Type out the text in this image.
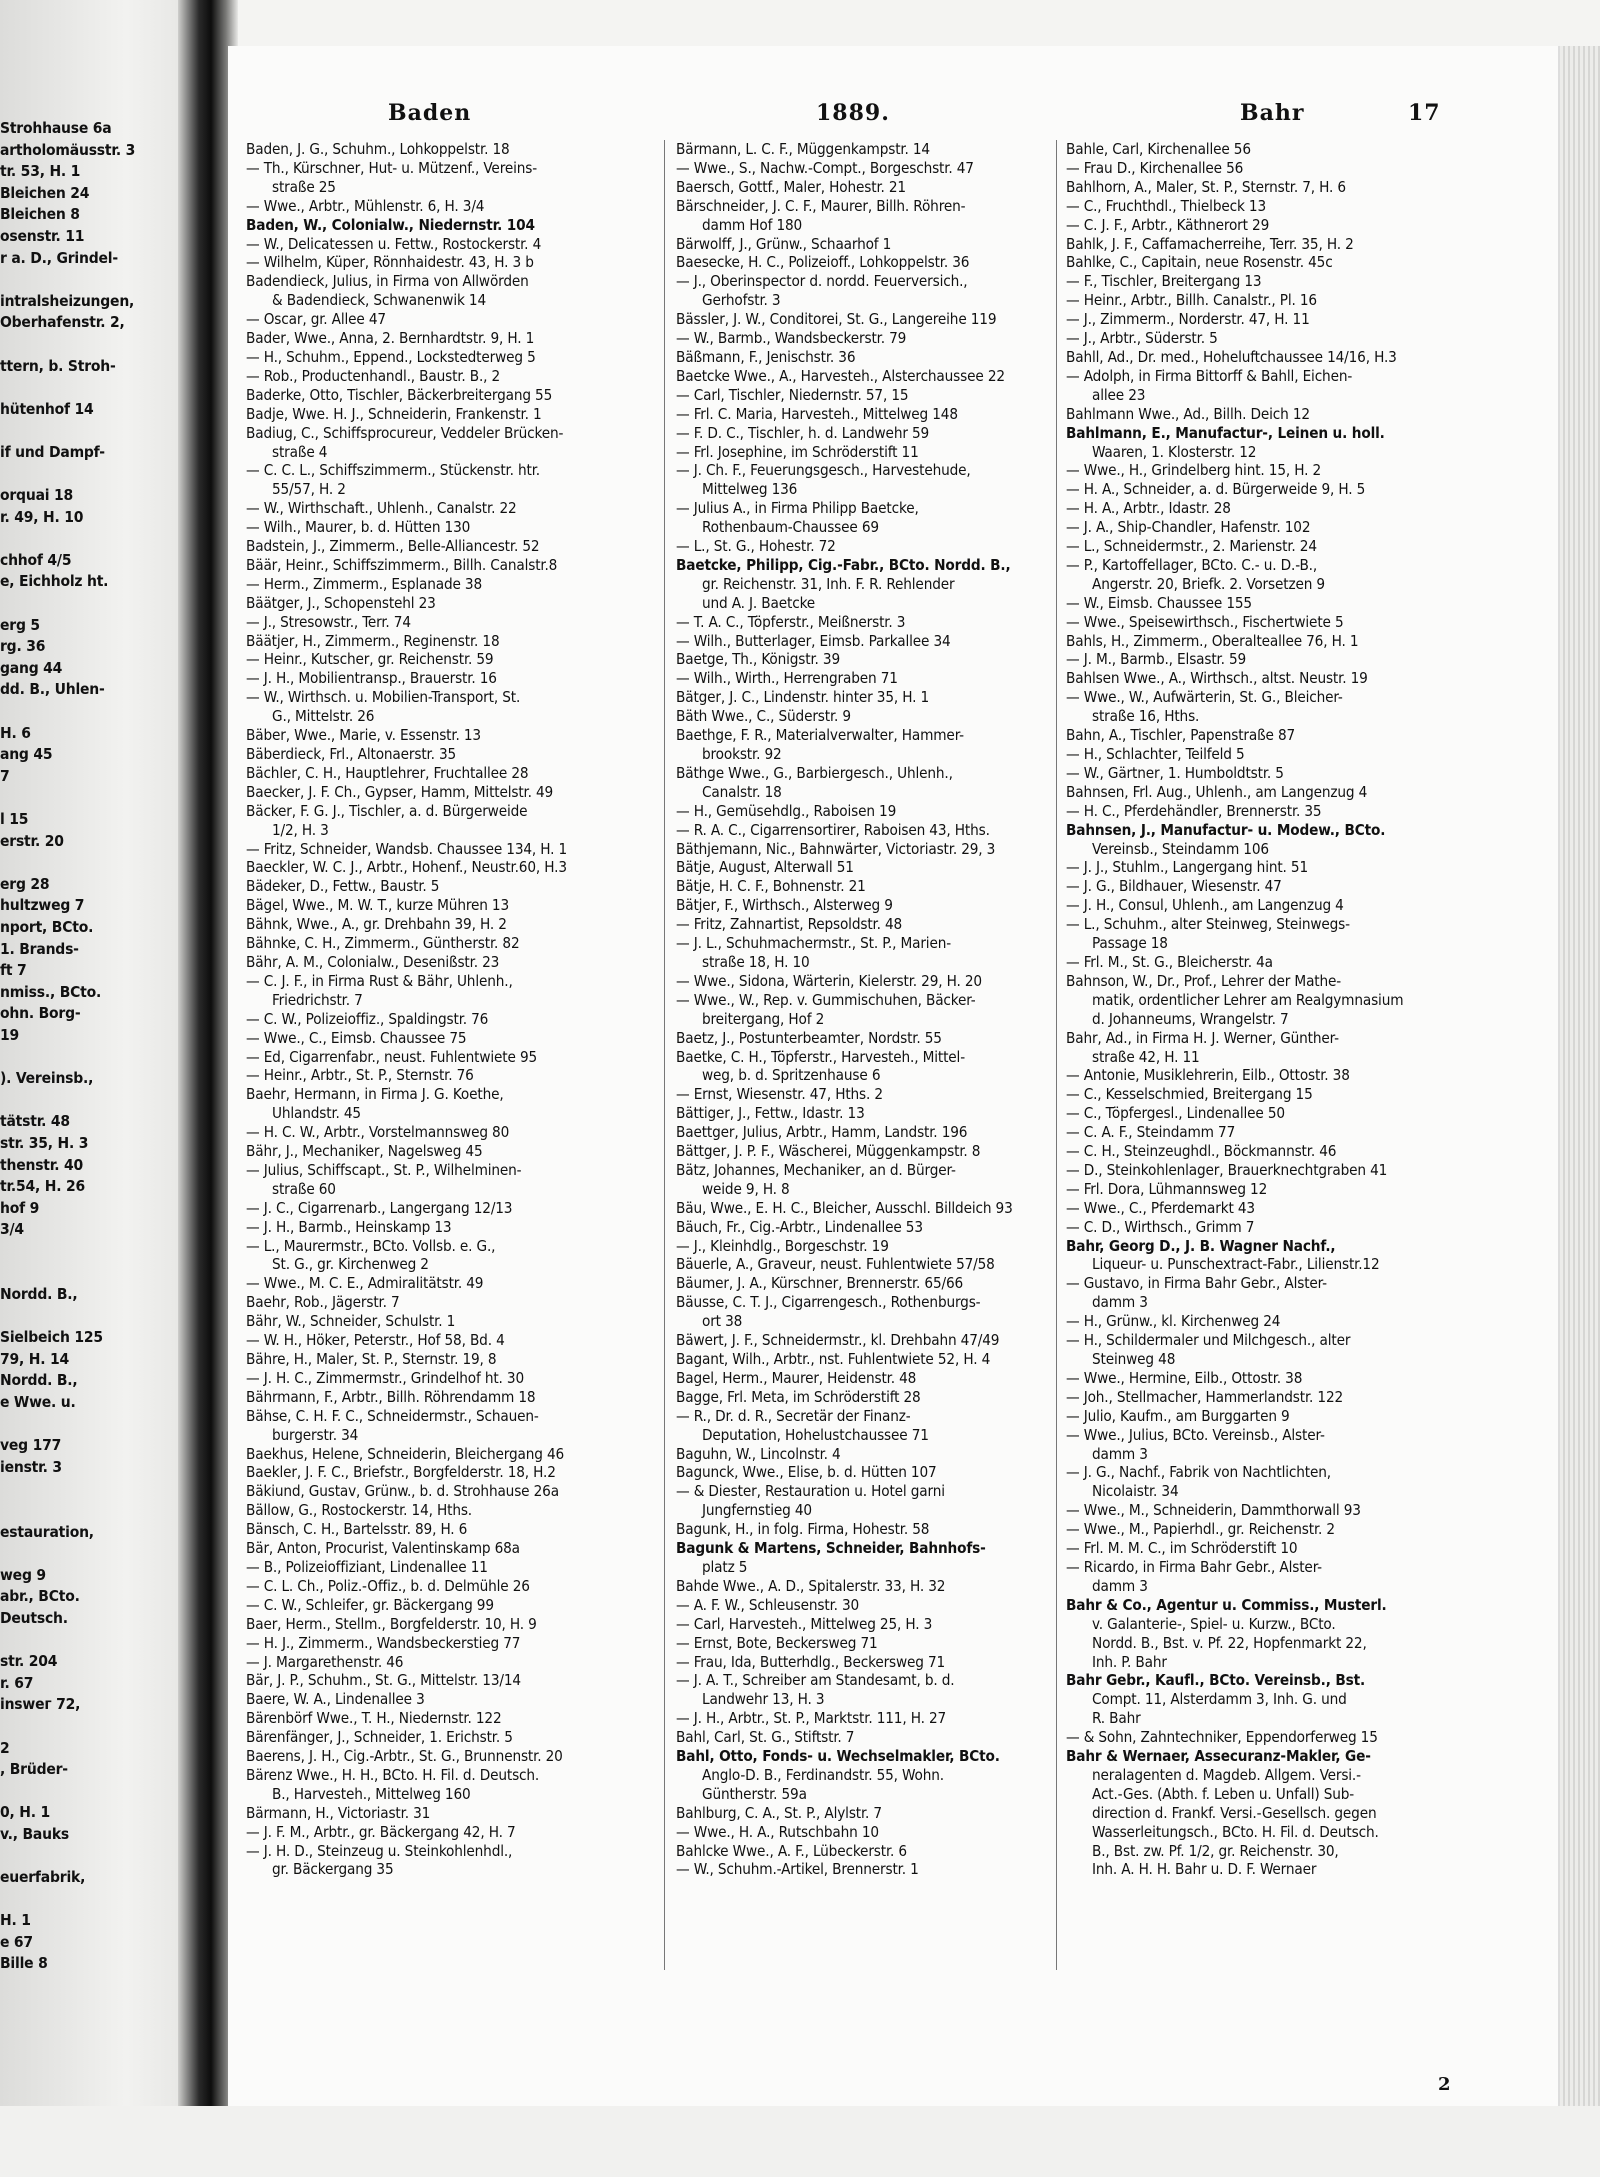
Strohhause 6a
artholomäusstr. 3
tr. 53, H. 1
Bleichen 24
Bleichen 8
osenstr. 11
r a. D., Grindel-

intralsheizungen,
Oberhafenstr. 2,

ttern, b. Stroh-

hütenhof 14

if und Dampf-

orquai 18
r. 49, H. 10

chhof 4/5
e, Eichholz ht.

erg 5
rg. 36
gang 44
dd. B., Uhlen-

H. 6
ang 45
7

l 15
erstr. 20

erg 28
hultzweg 7
nport, BCto.
1. Brands-
ft 7
nmiss., BCto.
ohn. Borg-
19

). Vereinsb.,

tätstr. 48
str. 35, H. 3
thenstr. 40
tr.54, H. 26
hof 9
3/4

Nordd. B.,

Sielbeich 125
79, H. 14
Nordd. B.,
e Wwe. u.

veg 177
ienstr. 3

estauration,

weg 9
abr., BCto.
Deutsch.

str. 204
r. 67
inswег 72,

2
, Brüder-

0, H. 1
v., Bauks

euerfabrik,

H. 1
e 67
Bille 8
Baden	1889.	Bahr	17
Baden, J. G., Schuhm., Lohkoppelstr. 18
— Th., Kürschner, Hut- u. Mützenf., Vereins-
straße 25
— Wwe., Arbtr., Mühlenstr. 6, H. 3/4
Baden, W., Colonialw., Niedernstr. 104
— W., Delicatessen u. Fettw., Rostockerstr. 4
— Wilhelm, Küper, Rönnhaidestr. 43, H. 3 b
Badendieck, Julius, in Firma von Allwörden
& Badendieck, Schwanenwik 14
— Oscar, gr. Allee 47
Bader, Wwe., Anna, 2. Bernhardtstr. 9, H. 1
— H., Schuhm., Eppend., Lockstedterweg 5
— Rob., Productenhandl., Baustr. B., 2
Baderke, Otto, Tischler, Bäckerbreitergang 55
Badje, Wwe. H. J., Schneiderin, Frankenstr. 1
Badiug, C., Schiffsprocureur, Veddeler Brücken-
straße 4
— C. C. L., Schiffszimmerm., Stückenstr. htr.
55/57, H. 2
— W., Wirthschaft., Uhlenh., Canalstr. 22
— Wilh., Maurer, b. d. Hütten 130
Badstein, J., Zimmerm., Belle-Alliancestr. 52
Bäär, Heinr., Schiffszimmerm., Billh. Canalstr.8
— Herm., Zimmerm., Esplanade 38
Bäätger, J., Schopenstehl 23
— J., Stresowstr., Terr. 74
Bäätjer, H., Zimmerm., Reginenstr. 18
— Heinr., Kutscher, gr. Reichenstr. 59
— J. H., Mobilientransp., Brauerstr. 16
— W., Wirthsch. u. Mobilien-Transport, St.
G., Mittelstr. 26
Bäber, Wwe., Marie, v. Essenstr. 13
Bäberdieck, Frl., Altonaerstr. 35
Bächler, C. H., Hauptlehrer, Fruchtallee 28
Baecker, J. F. Ch., Gypser, Hamm, Mittelstr. 49
Bäcker, F. G. J., Tischler, a. d. Bürgerweide
1/2, H. 3
— Fritz, Schneider, Wandsb. Chaussee 134, H. 1
Baeckler, W. C. J., Arbtr., Hohenf., Neustr.60, H.3
Bädeker, D., Fettw., Baustr. 5
Bägel, Wwe., M. W. T., kurze Mühren 13
Bähnk, Wwe., A., gr. Drehbahn 39, H. 2
Bähnke, C. H., Zimmerm., Güntherstr. 82
Bähr, A. M., Colonialw., Desenißstr. 23
— C. J. F., in Firma Rust & Bähr, Uhlenh.,
Friedrichstr. 7
— C. W., Polizeioffiz., Spaldingstr. 76
— Wwe., C., Eimsb. Chaussee 75
— Ed, Cigarrenfabr., neust. Fuhlentwiete 95
— Heinr., Arbtr., St. P., Sternstr. 76
Baehr, Hermann, in Firma J. G. Koethe,
Uhlandstr. 45
— H. C. W., Arbtr., Vorstelmannsweg 80
Bähr, J., Mechaniker, Nagelsweg 45
— Julius, Schiffscapt., St. P., Wilhelminen-
straße 60
— J. C., Cigarrenarb., Langergang 12/13
— J. H., Barmb., Heinskamp 13
— L., Maurermstr., BCto. Vollsb. e. G.,
St. G., gr. Kirchenweg 2
— Wwe., M. C. E., Admiralitätstr. 49
Baehr, Rob., Jägerstr. 7
Bähr, W., Schneider, Schulstr. 1
— W. H., Höker, Peterstr., Hof 58, Bd. 4
Bähre, H., Maler, St. P., Sternstr. 19, 8
— J. H. C., Zimmermstr., Grindelhof ht. 30
Bährmann, F., Arbtr., Billh. Röhrendamm 18
Bähse, C. H. F. C., Schneidermstr., Schauen-
burgerstr. 34
Baekhus, Helene, Schneiderin, Bleichergang 46
Baekler, J. F. C., Briefstr., Borgfelderstr. 18, H.2
Bäkiund, Gustav, Grünw., b. d. Strohhause 26a
Bällow, G., Rostockerstr. 14, Hths.
Bänsch, C. H., Bartelsstr. 89, H. 6
Bär, Anton, Procurist, Valentinskamp 68a
— B., Polizeioffiziant, Lindenallee 11
— C. L. Ch., Poliz.-Offiz., b. d. Delmühle 26
— C. W., Schleifer, gr. Bäckergang 99
Baer, Herm., Stellm., Borgfelderstr. 10, H. 9
— H. J., Zimmerm., Wandsbeckerstieg 77
— J. Margarethenstr. 46
Bär, J. P., Schuhm., St. G., Mittelstr. 13/14
Baere, W. A., Lindenallee 3
Bärenbörf Wwe., T. H., Niedernstr. 122
Bärenfänger, J., Schneider, 1. Erichstr. 5
Baerens, J. H., Cig.-Arbtr., St. G., Brunnenstr. 20
Bärenz Wwe., H. H., BCto. H. Fil. d. Deutsch.
B., Harvesteh., Mittelweg 160
Bärmann, H., Victoriastr. 31
— J. F. M., Arbtr., gr. Bäckergang 42, H. 7
— J. H. D., Steinzeug u. Steinkohlenhdl.,
gr. Bäckergang 35
Bärmann, L. C. F., Müggenkampstr. 14
— Wwe., S., Nachw.-Compt., Borgeschstr. 47
Baersch, Gottf., Maler, Hohestr. 21
Bärschneider, J. C. F., Maurer, Billh. Röhren-
damm Hof 180
Bärwolff, J., Grünw., Schaarhof 1
Baesecke, H. C., Polizeioff., Lohkoppelstr. 36
— J., Oberinspector d. nordd. Feuerversich.,
Gerhofstr. 3
Bässler, J. W., Conditorei, St. G., Langereihe 119
— W., Barmb., Wandsbeckerstr. 79
Bäßmann, F., Jenischstr. 36
Baetcke Wwe., A., Harvesteh., Alsterchaussee 22
— Carl, Tischler, Niedernstr. 57, 15
— Frl. C. Maria, Harvesteh., Mittelweg 148
— F. D. C., Tischler, h. d. Landwehr 59
— Frl. Josephine, im Schröderstift 11
— J. Ch. F., Feuerungsgesch., Harvestehude,
Mittelweg 136
— Julius A., in Firma Philipp Baetcke,
Rothenbaum-Chaussee 69
— L., St. G., Hohestr. 72
Baetcke, Philipp, Cig.-Fabr., BCto. Nordd. B.,
gr. Reichenstr. 31, Inh. F. R. Rehlender
und A. J. Baetcke
— T. A. C., Töpferstr., Meißnerstr. 3
— Wilh., Butterlager, Eimsb. Parkallee 34
Baetge, Th., Königstr. 39
— Wilh., Wirth., Herrengraben 71
Bätger, J. C., Lindenstr. hinter 35, H. 1
Bäth Wwe., C., Süderstr. 9
Baethge, F. R., Materialverwalter, Hammer-
brookstr. 92
Bäthge Wwe., G., Barbiergesch., Uhlenh.,
Canalstr. 18
— H., Gemüsehdlg., Raboisen 19
— R. A. C., Cigarrensortirer, Raboisen 43, Hths.
Bäthjemann, Nic., Bahnwärter, Victoriastr. 29, 3
Bätje, August, Alterwall 51
Bätje, H. C. F., Bohnenstr. 21
Bätjer, F., Wirthsch., Alsterweg 9
— Fritz, Zahnartist, Repsoldstr. 48
— J. L., Schuhmachermstr., St. P., Marien-
straße 18, H. 10
— Wwe., Sidona, Wärterin, Kielerstr. 29, H. 20
— Wwe., W., Rep. v. Gummischuhen, Bäcker-
breitergang, Hof 2
Baetz, J., Postunterbeamter, Nordstr. 55
Baetke, C. H., Töpferstr., Harvesteh., Mittel-
weg, b. d. Spritzenhause 6
— Ernst, Wiesenstr. 47, Hths. 2
Bättiger, J., Fettw., Idastr. 13
Baettger, Julius, Arbtr., Hamm, Landstr. 196
Bättger, J. P. F., Wäscherei, Müggenkampstr. 8
Bätz, Johannes, Mechaniker, an d. Bürger-
weide 9, H. 8
Bäu, Wwe., E. H. C., Bleicher, Ausschl. Billdeich 93
Bäuch, Fr., Cig.-Arbtr., Lindenallee 53
— J., Kleinhdlg., Borgeschstr. 19
Bäuerle, A., Graveur, neust. Fuhlentwiete 57/58
Bäumer, J. A., Kürschner, Brennerstr. 65/66
Bäusse, C. T. J., Cigarrengesch., Rothenburgs-
ort 38
Bäwert, J. F., Schneidermstr., kl. Drehbahn 47/49
Bagant, Wilh., Arbtr., nst. Fuhlentwiete 52, H. 4
Bagel, Herm., Maurer, Heidenstr. 48
Bagge, Frl. Meta, im Schröderstift 28
— R., Dr. d. R., Secretär der Finanz-
Deputation, Hohelustchaussee 71
Baguhn, W., Lincolnstr. 4
Bagunck, Wwe., Elise, b. d. Hütten 107
— & Diester, Restauration u. Hotel garni
Jungfernstieg 40
Bagunk, H., in folg. Firma, Hohestr. 58
Bagunk & Martens, Schneider, Bahnhofs-
platz 5
Bahde Wwe., A. D., Spitalerstr. 33, H. 32
— A. F. W., Schleusenstr. 30
— Carl, Harvesteh., Mittelweg 25, H. 3
— Ernst, Bote, Beckersweg 71
— Frau, Ida, Butterhdlg., Beckersweg 71
— J. A. T., Schreiber am Standesamt, b. d.
Landwehr 13, H. 3
— J. H., Arbtr., St. P., Marktstr. 111, H. 27
Bahl, Carl, St. G., Stiftstr. 7
Bahl, Otto, Fonds- u. Wechselmakler, BCto.
Anglo-D. B., Ferdinandstr. 55, Wohn.
Güntherstr. 59a
Bahlburg, C. A., St. P., Alylstr. 7
— Wwe., H. A., Rutschbahn 10
Bahlcke Wwe., A. F., Lübeckerstr. 6
— W., Schuhm.-Artikel, Brennerstr. 1
Bahle, Carl, Kirchenallee 56
— Frau D., Kirchenallee 56
Bahlhorn, A., Maler, St. P., Sternstr. 7, H. 6
— C., Fruchthdl., Thielbeck 13
— C. J. F., Arbtr., Käthnerort 29
Bahlk, J. F., Caffamacherreihe, Terr. 35, H. 2
Bahlke, C., Capitain, neue Rosenstr. 45c
— F., Tischler, Breitergang 13
— Heinr., Arbtr., Billh. Canalstr., Pl. 16
— J., Zimmerm., Norderstr. 47, H. 11
— J., Arbtr., Süderstr. 5
Bahll, Ad., Dr. med., Hoheluftchaussee 14/16, H.3
— Adolph, in Firma Bittorff & Bahll, Eichen-
allee 23
Bahlmann Wwe., Ad., Billh. Deich 12
Bahlmann, E., Manufactur-, Leinen u. holl.
Waaren, 1. Klosterstr. 12
— Wwe., H., Grindelberg hint. 15, H. 2
— H. A., Schneider, a. d. Bürgerweide 9, H. 5
— H. A., Arbtr., Idastr. 28
— J. A., Ship-Chandler, Hafenstr. 102
— L., Schneidermstr., 2. Marienstr. 24
— P., Kartoffellager, BCto. C.- u. D.-B.,
Angerstr. 20, Briefk. 2. Vorsetzen 9
— W., Eimsb. Chaussee 155
— Wwe., Speisewirthsch., Fischertwiete 5
Bahls, H., Zimmerm., Oberalteallee 76, H. 1
— J. M., Barmb., Elsastr. 59
Bahlsen Wwe., A., Wirthsch., altst. Neustr. 19
— Wwe., W., Aufwärterin, St. G., Bleicher-
straße 16, Hths.
Bahn, A., Tischler, Papenstraße 87
— H., Schlachter, Teilfeld 5
— W., Gärtner, 1. Humboldtstr. 5
Bahnsen, Frl. Aug., Uhlenh., am Langenzug 4
— H. C., Pferdehändler, Brennerstr. 35
Bahnsen, J., Manufactur- u. Modew., BCto.
Vereinsb., Steindamm 106
— J. J., Stuhlm., Langergang hint. 51
— J. G., Bildhauer, Wiesenstr. 47
— J. H., Consul, Uhlenh., am Langenzug 4
— L., Schuhm., alter Steinweg, Steinwegs-
Passage 18
— Frl. M., St. G., Bleicherstr. 4a
Bahnson, W., Dr., Prof., Lehrer der Mathe-
matik, ordentlicher Lehrer am Realgymnasium
d. Johanneums, Wrangelstr. 7
Bahr, Ad., in Firma H. J. Werner, Günther-
straße 42, H. 11
— Antonie, Musiklehrerin, Eilb., Ottostr. 38
— C., Kesselschmied, Breitergang 15
— C., Töpfergesl., Lindenallee 50
— C. A. F., Steindamm 77
— C. H., Steinzeughdl., Böckmannstr. 46
— D., Steinkohlenlager, Brauerknechtgraben 41
— Frl. Dora, Lühmannsweg 12
— Wwe., C., Pferdemarkt 43
— C. D., Wirthsch., Grimm 7
Bahr, Georg D., J. B. Wagner Nachf.,
Liqueur- u. Punschextract-Fabr., Lilienstr.12
— Gustavo, in Firma Bahr Gebr., Alster-
damm 3
— H., Grünw., kl. Kirchenweg 24
— H., Schildermaler und Milchgesch., alter
Steinweg 48
— Wwe., Hermine, Eilb., Ottostr. 38
— Joh., Stellmacher, Hammerlandstr. 122
— Julio, Kaufm., am Burggarten 9
— Wwe., Julius, BCto. Vereinsb., Alster-
damm 3
— J. G., Nachf., Fabrik von Nachtlichten,
Nicolaistr. 34
— Wwe., M., Schneiderin, Dammthorwall 93
— Wwe., M., Papierhdl., gr. Reichenstr. 2
— Frl. M. M. C., im Schröderstift 10
— Ricardo, in Firma Bahr Gebr., Alster-
damm 3
Bahr & Co., Agentur u. Commiss., Musterl.
v. Galanterie-, Spiel- u. Kurzw., BCto.
Nordd. B., Bst. v. Pf. 22, Hopfenmarkt 22,
Inh. P. Bahr
Bahr Gebr., Kaufl., BCto. Vereinsb., Bst.
Compt. 11, Alsterdamm 3, Inh. G. und
R. Bahr
— & Sohn, Zahntechniker, Eppendorferweg 15
Bahr & Wernaer, Assecuranz-Makler, Ge-
neralagenten d. Magdeb. Allgem. Versi.-
Act.-Ges. (Abth. f. Leben u. Unfall) Sub-
direction d. Frankf. Versi.-Gesellsch. gegen
Wasserleitungsch., BCto. H. Fil. d. Deutsch.
B., Bst. zw. Pf. 1/2, gr. Reichenstr. 30,
Inh. A. H. H. Bahr u. D. F. Wernaer
2
